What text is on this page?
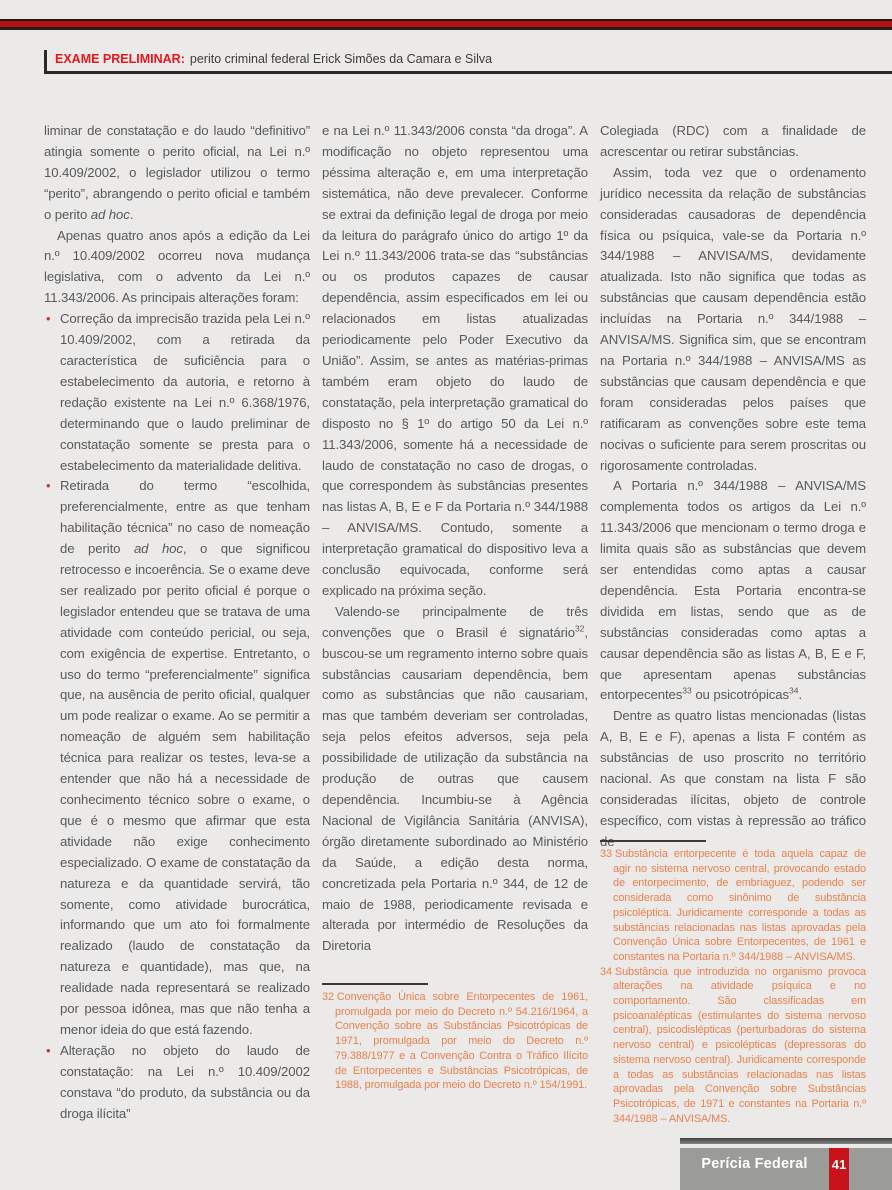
EXAME PRELIMINAR: perito criminal federal Erick Simões da Camara e Silva

liminar de constatação e do laudo “definitivo” atingia somente o perito oficial, na Lei n.º 10.409/2002, o legislador utilizou o termo “perito”, abrangendo o perito oficial e também o perito ad hoc.

Apenas quatro anos após a edição da Lei n.º 10.409/2002 ocorreu nova mudança legislativa, com o advento da Lei n.º 11.343/2006. As principais alterações foram:

• Correção da imprecisão trazida pela Lei n.º 10.409/2002, com a retirada da característica de suficiência para o estabelecimento da autoria, e retorno à redação existente na Lei n.º 6.368/1976, determinando que o laudo preliminar de constatação somente se presta para o estabelecimento da materialidade delitiva.
• Retirada do termo “escolhida, preferencialmente, entre as que tenham habilitação técnica” no caso de nomeação de perito ad hoc, o que significou retrocesso e incoerência. Se o exame deve ser realizado por perito oficial é porque o legislador entendeu que se tratava de uma atividade com conteúdo pericial, ou seja, com exigência de expertise. Entretanto, o uso do termo “preferencialmente” significa que, na ausência de perito oficial, qualquer um pode realizar o exame. Ao se permitir a nomeação de alguém sem habilitação técnica para realizar os testes, leva-se a entender que não há a necessidade de conhecimento técnico sobre o exame, o que é o mesmo que afirmar que esta atividade não exige conhecimento especializado. O exame de constatação da natureza e da quantidade servirá, tão somente, como atividade burocrática, informando que um ato foi formalmente realizado (laudo de constatação da natureza e quantidade), mas que, na realidade nada representará se realizado por pessoa idônea, mas que não tenha a menor ideia do que está fazendo.
• Alteração no objeto do laudo de constatação: na Lei n.º 10.409/2002 constava “do produto, da substância ou da droga ilícita”

e na Lei n.º 11.343/2006 consta “da droga”. A modificação no objeto representou uma péssima alteração e, em uma interpretação sistemática, não deve prevalecer. Conforme se extrai da definição legal de droga por meio da leitura do parágrafo único do artigo 1º da Lei n.º 11.343/2006 trata-se das “substâncias ou os produtos capazes de causar dependência, assim especificados em lei ou relacionados em listas atualizadas periodicamente pelo Poder Executivo da União”. Assim, se antes as matérias-primas também eram objeto do laudo de constatação, pela interpretação gramatical do disposto no § 1º do artigo 50 da Lei n.º 11.343/2006, somente há a necessidade de laudo de constatação no caso de drogas, o que correspondem às substâncias presentes nas listas A, B, E e F da Portaria n.º 344/1988 – ANVISA/MS. Contudo, somente a interpretação gramatical do dispositivo leva a conclusão equivocada, conforme será explicado na próxima seção.

Valendo-se principalmente de três convenções que o Brasil é signatário$^{32}$, buscou-se um regramento interno sobre quais substâncias causariam dependência, bem como as substâncias que não causariam, mas que também deveriam ser controladas, seja pelos efeitos adversos, seja pela possibilidade de utilização da substância na produção de outras que causem dependência. Incumbiu-se à Agência Nacional de Vigilância Sanitária (ANVISA), órgão diretamente subordinado ao Ministério da Saúde, a edição desta norma, concretizada pela Portaria n.º 344, de 12 de maio de 1988, periodicamente revisada e alterada por intermédio de Resoluções da Diretoria

Colegiada (RDC) com a finalidade de acrescentar ou retirar substâncias.

Assim, toda vez que o ordenamento jurídico necessita da relação de substâncias consideradas causadoras de dependência física ou psíquica, vale-se da Portaria n.º 344/1988 – ANVISA/MS, devidamente atualizada. Isto não significa que todas as substâncias que causam dependência estão incluídas na Portaria n.º 344/1988 – ANVISA/MS. Significa sim, que se encontram na Portaria n.º 344/1988 – ANVISA/MS as substâncias que causam dependência e que foram consideradas pelos países que ratificaram as convenções sobre este tema nocivas o suficiente para serem proscritas ou rigorosamente controladas.

A Portaria n.º 344/1988 – ANVISA/MS complementa todos os artigos da Lei n.º 11.343/2006 que mencionam o termo droga e limita quais são as substâncias que devem ser entendidas como aptas a causar dependência. Esta Portaria encontra-se dividida em listas, sendo que as de substâncias consideradas como aptas a causar dependência são as listas A, B, E e F, que apresentam apenas substâncias entorpecentes$^{33}$ ou psicotrópicas$^{34}$.

Dentre as quatro listas mencionadas (listas A, B, E e F), apenas a lista F contém as substâncias de uso proscrito no território nacional. As que constam na lista F são consideradas ilícitas, objeto de controle específico, com vistas à repressão ao tráfico de

32 Convenção Única sobre Entorpecentes de 1961, promulgada por meio do Decreto n.º 54.216/1964, a Convenção sobre as Substâncias Psicotrópicas de 1971, promulgada por meio do Decreto n.º 79.388/1977 e a Convenção Contra o Tráfico Ilícito de Entorpecentes e Substâncias Psicotrópicas, de 1988, promulgada por meio do Decreto n.º 154/1991.
33 Substância entorpecente é toda aquela capaz de agir no sistema nervoso central, provocando estado de entorpecimento, de embriaguez, podendo ser considerada como sinônimo de substância psicoléptica. Juridicamente corresponde a todas as substâncias relacionadas nas listas aprovadas pela Convenção Única sobre Entorpecentes, de 1961 e constantes na Portaria n.º 344/1988 – ANVISA/MS.
34 Substância que introduzida no organismo provoca alterações na atividade psíquica e no comportamento. São classificadas em psicoanalépticas (estimulantes do sistema nervoso central), psicodislépticas (perturbadoras do sistema nervoso central) e psicolépticas (depressoras do sistema nervoso central). Juridicamente corresponde a todas as substâncias relacionadas nas listas aprovadas pela Convenção sobre Substâncias Psicotrópicas, de 1971 e constantes na Portaria n.º 344/1988 – ANVISA/MS.
Perícia Federal	41
